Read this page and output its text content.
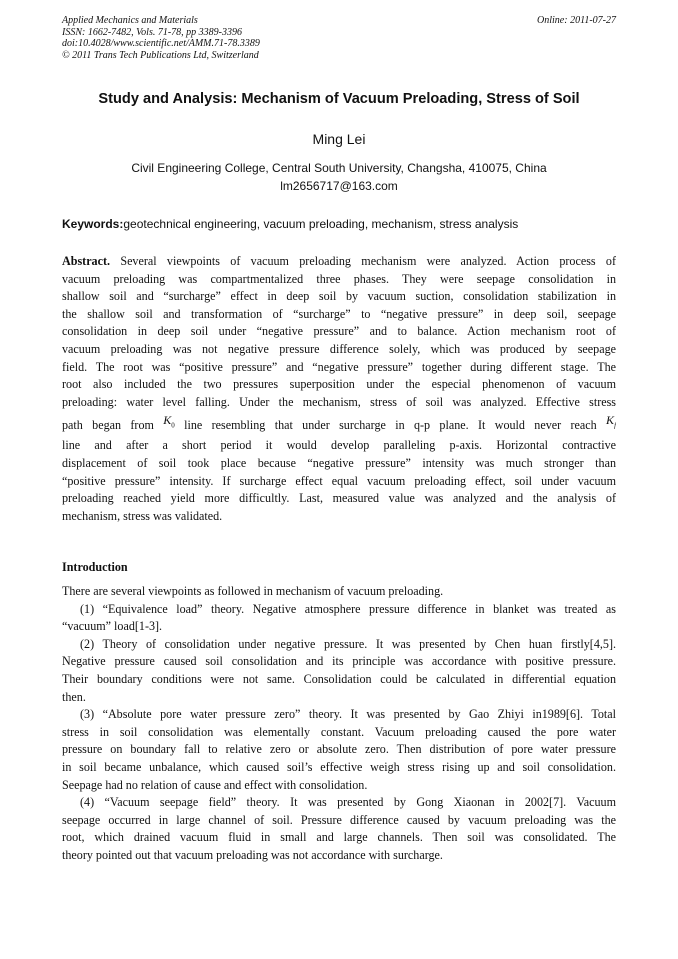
Applied Mechanics and Materials
ISSN: 1662-7482, Vols. 71-78, pp 3389-3396
doi:10.4028/www.scientific.net/AMM.71-78.3389
© 2011 Trans Tech Publications Ltd, Switzerland
Online: 2011-07-27
Study and Analysis: Mechanism of Vacuum Preloading, Stress of Soil
Ming Lei
Civil Engineering College, Central South University, Changsha, 410075, China
lm2656717@163.com
Keywords:geotechnical engineering, vacuum preloading, mechanism, stress analysis
Abstract. Several viewpoints of vacuum preloading mechanism were analyzed. Action process of
vacuum preloading was compartmentalized three phases. They were seepage consolidation in
shallow soil and “surcharge” effect in deep soil by vacuum suction, consolidation stabilization in
the shallow soil and transformation of “surcharge” to “negative pressure” in deep soil, seepage
consolidation in deep soil under “negative pressure” and to balance. Action mechanism root of
vacuum preloading was not negative pressure difference solely, which was produced by seepage
field. The root was “positive pressure” and “negative pressure” together during different stage. The
root also included the two pressures superposition under the especial phenomenon of vacuum
preloading: water level falling. Under the mechanism, stress of soil was analyzed. Effective stress
path began from $K_0$ line resembling that under surcharge in q-p plane. It would never reach $K_f$
line and after a short period it would develop paralleling p-axis. Horizontal contractive
displacement of soil took place because “negative pressure” intensity was much stronger than
“positive pressure” intensity. If surcharge effect equal vacuum preloading effect, soil under vacuum
preloading reached yield more difficultly. Last, measured value was analyzed and the analysis of
mechanism, stress was validated.
Introduction
There are several viewpoints as followed in mechanism of vacuum preloading.
(1) “Equivalence load” theory. Negative atmosphere pressure difference in blanket was treated as
“vacuum” load[1-3].
(2) Theory of consolidation under negative pressure. It was presented by Chen huan firstly[4,5].
Negative pressure caused soil consolidation and its principle was accordance with positive pressure.
Their boundary conditions were not same. Consolidation could be calculated in differential equation
then.
(3) “Absolute pore water pressure zero” theory. It was presented by Gao Zhiyi in1989[6]. Total
stress in soil consolidation was elementally constant. Vacuum preloading caused the pore water
pressure on boundary fall to relative zero or absolute zero. Then distribution of pore water pressure
in soil became unbalance, which caused soil’s effective weigh stress rising up and soil consolidation.
Seepage had no relation of cause and effect with consolidation.
(4) “Vacuum seepage field” theory. It was presented by Gong Xiaonan in 2002[7]. Vacuum
seepage occurred in large channel of soil. Pressure difference caused by vacuum preloading was the
root, which drained vacuum fluid in small and large channels. Then soil was consolidated. The
theory pointed out that vacuum preloading was not accordance with surcharge.
